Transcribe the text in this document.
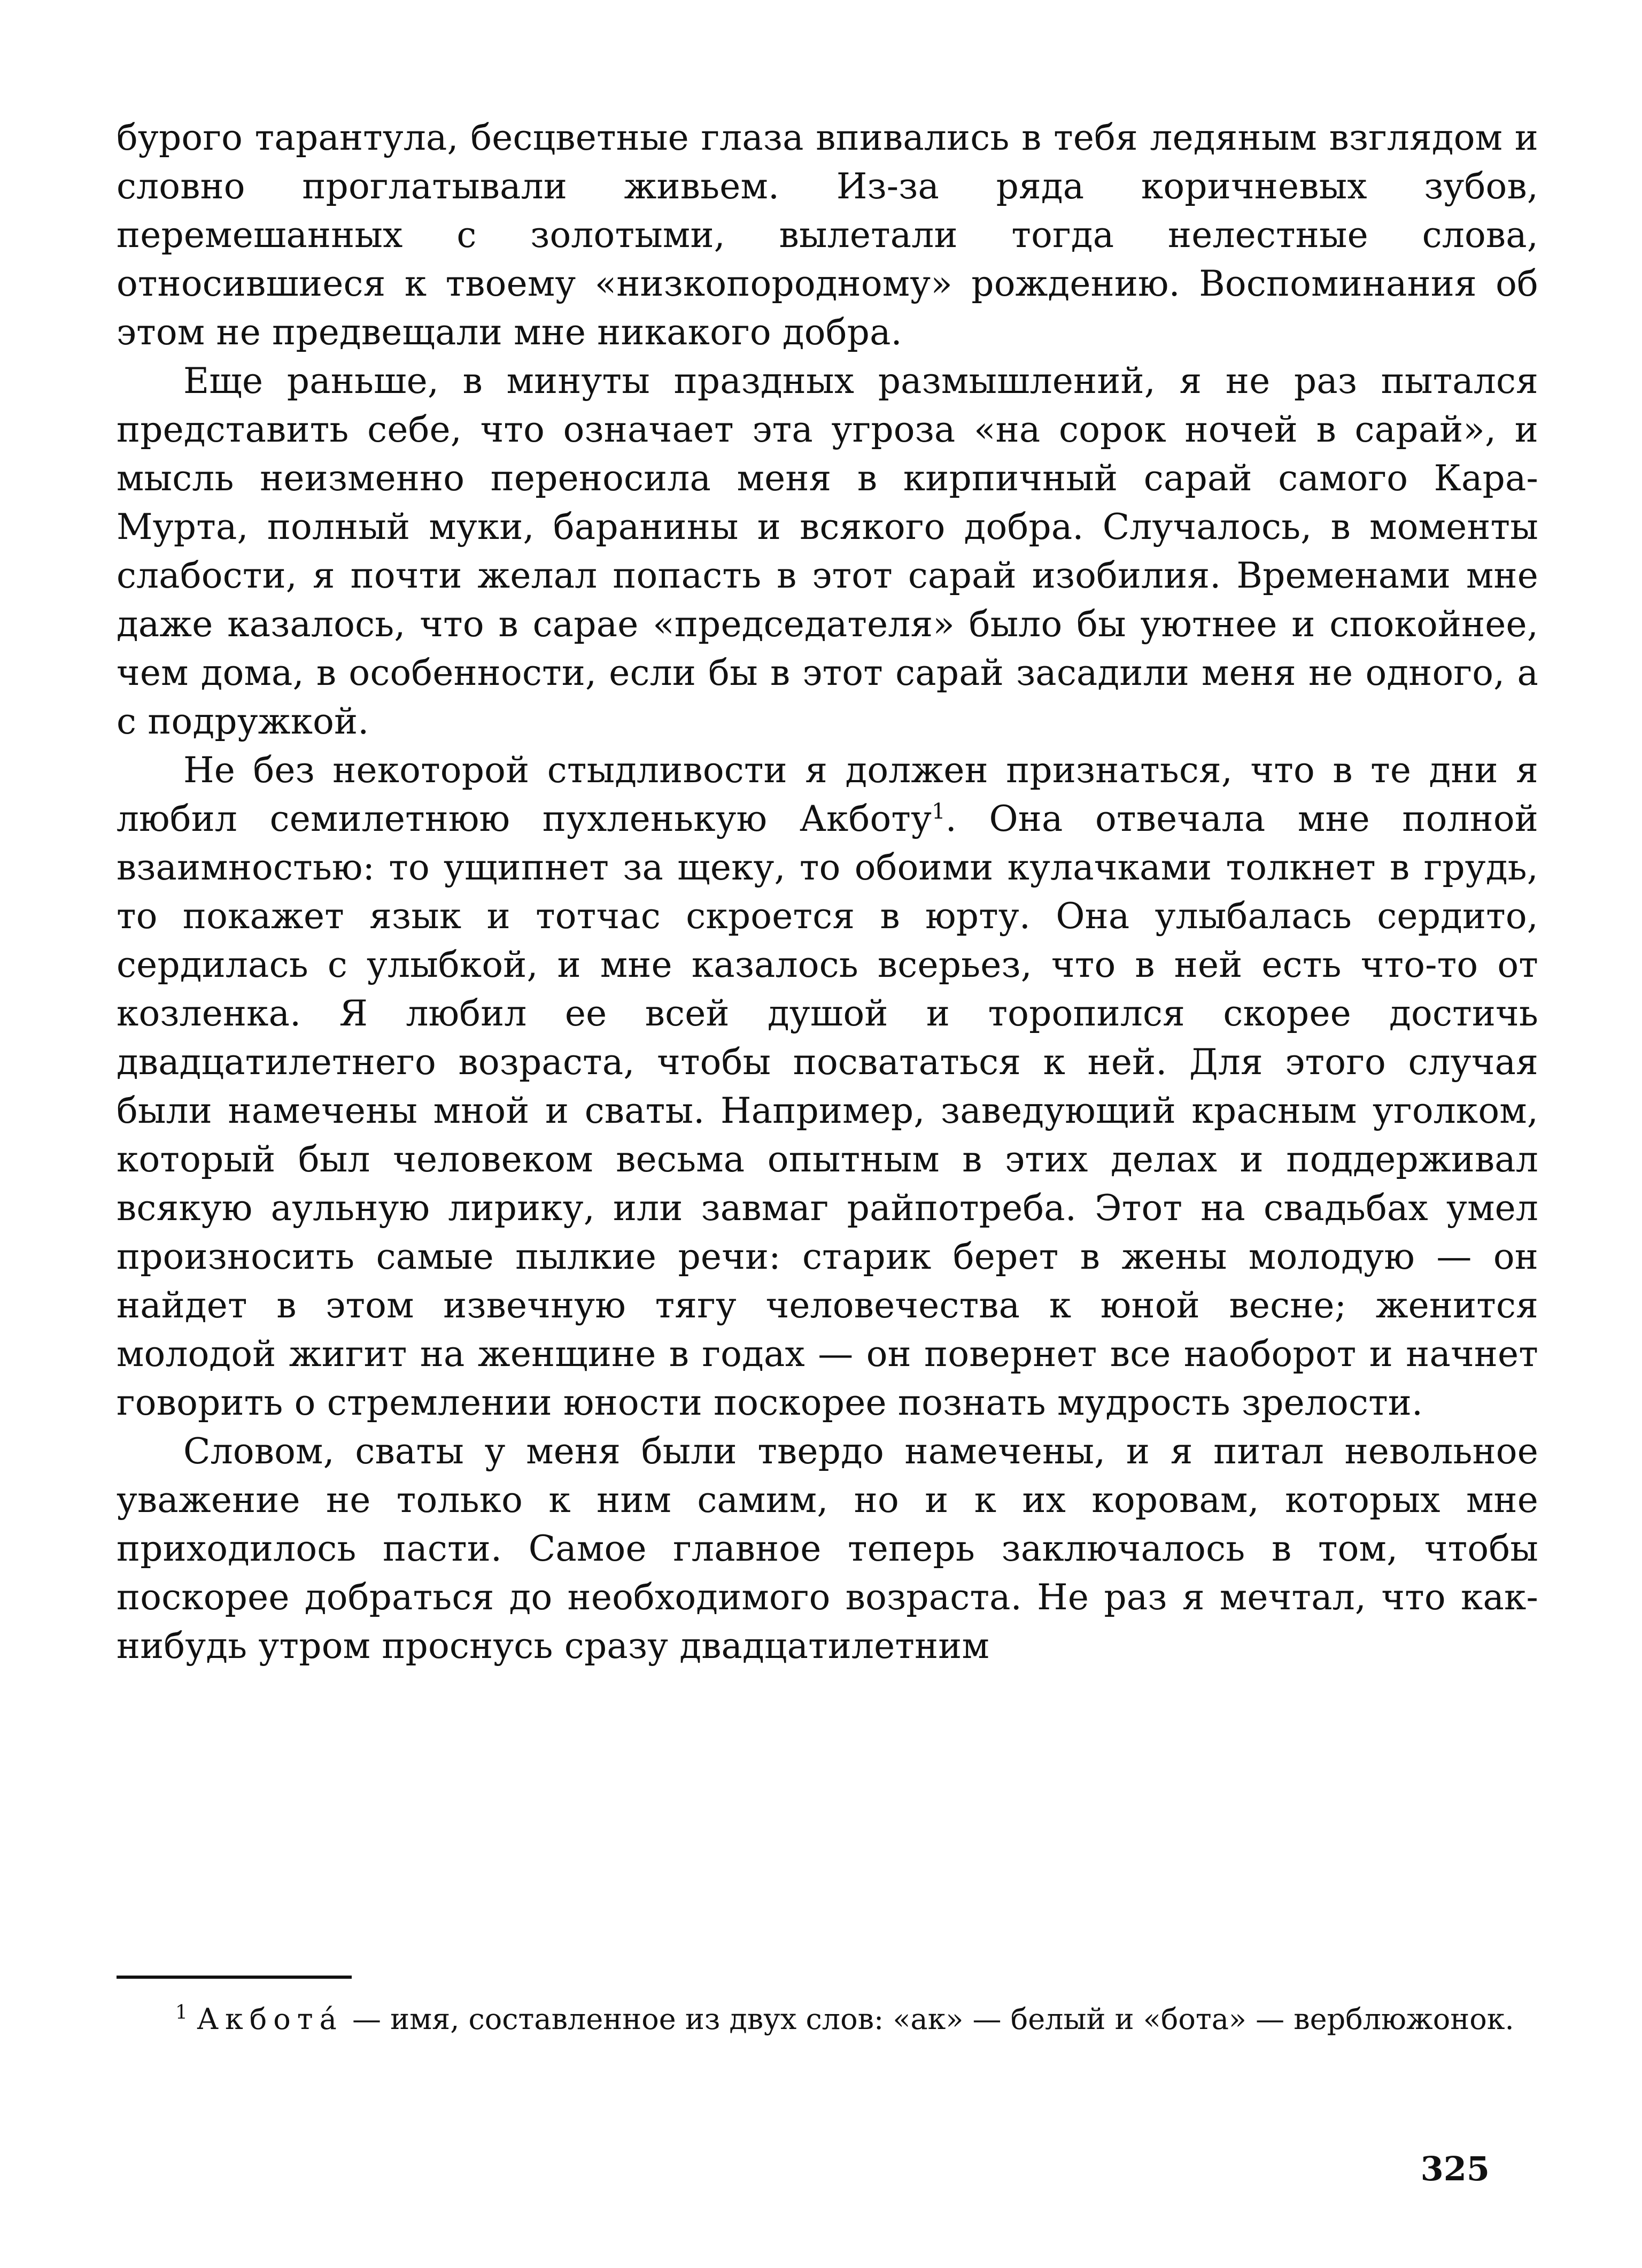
бурого тарантула, бесцветные глаза впивались в тебя ледяным взглядом и словно проглатывали живьем. Из-за ряда коричневых зубов, перемешанных с золотыми, вылетали тогда нелестные слова, относившиеся к твоему «низкопородному» рождению. Воспоминания об этом не предвещали мне никакого добра.

Еще раньше, в минуты праздных размышлений, я не раз пытался представить себе, что означает эта угроза «на сорок ночей в сарай», и мысль неизменно переносила меня в кирпичный сарай самого Кара-Мурта, полный муки, баранины и всякого добра. Случалось, в моменты слабости, я почти желал попасть в этот сарай изобилия. Временами мне даже казалось, что в сарае «председателя» было бы уютнее и спокойнее, чем дома, в особенности, если бы в этот сарай засадили меня не одного, а с подружкой.

Не без некоторой стыдливости я должен признаться, что в те дни я любил семилетнюю пухленькую Акботу$^1$. Она отвечала мне полной взаимностью: то ущипнет за щеку, то обоими кулачками толкнет в грудь, то покажет язык и тотчас скроется в юрту. Она улыбалась сердито, сердилась с улыбкой, и мне казалось всерьез, что в ней есть что-то от козленка. Я любил ее всей душой и торопился скорее достичь двадцатилетнего возраста, чтобы посвататься к ней. Для этого случая были намечены мной и сваты. Например, заведующий красным уголком, который был человеком весьма опытным в этих делах и поддерживал всякую аульную лирику, или завмаг райпотреба. Этот на свадьбах умел произносить самые пылкие речи: старик берет в жены молодую — он найдет в этом извечную тягу человечества к юной весне; женится молодой жигит на женщине в годах — он повернет все наоборот и начнет говорить о стремлении юности поскорее познать мудрость зрелости.

Словом, сваты у меня были твердо намечены, и я питал невольное уважение не только к ним самим, но и к их коровам, которых мне приходилось пасти. Самое главное теперь заключалось в том, чтобы поскорее добраться до необходимого возраста. Не раз я мечтал, что как-нибудь утром проснусь сразу двадцатилетним

$^1$ Акбота́ — имя, составленное из двух слов: «ак» — белый и «бота» — верблюжонок.

325
